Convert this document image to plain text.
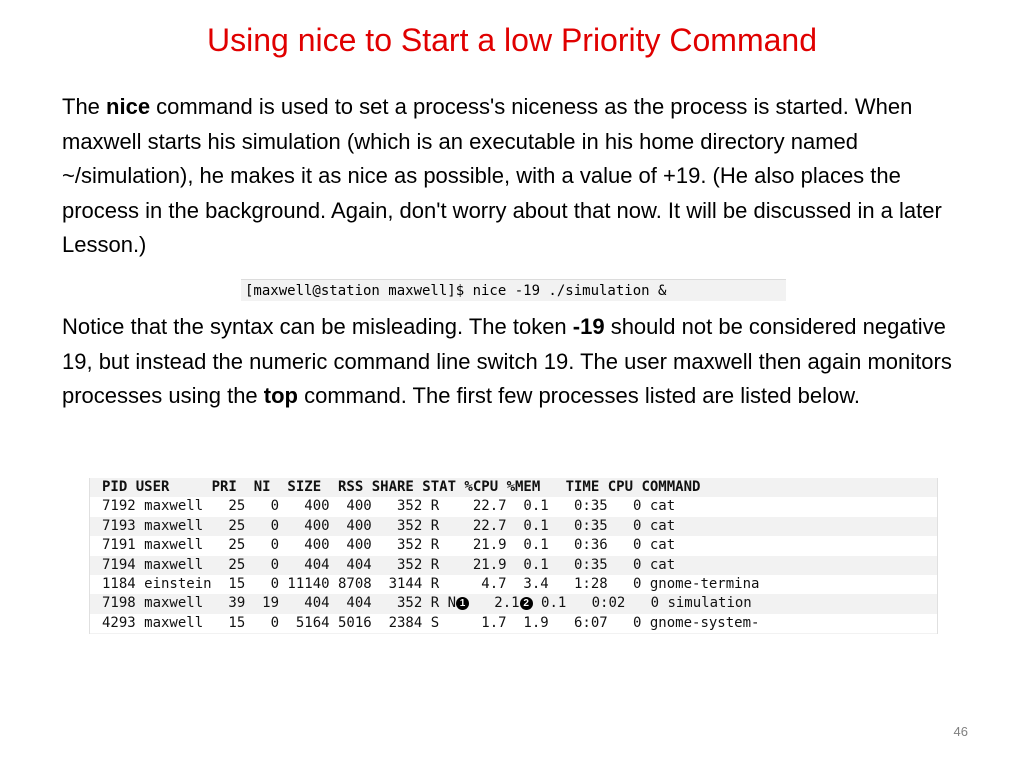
Using nice to Start a low Priority Command

The nice command is used to set a process's niceness as the process is started. When maxwell starts his simulation (which is an executable in his home directory named ~/simulation), he makes it as nice as possible, with a value of +19. (He also places the process in the background. Again, don't worry about that now. It will be discussed in a later Lesson.)

[maxwell@station maxwell]$ nice -19 ./simulation &

Notice that the syntax can be misleading. The token -19 should not be considered negative 19, but instead the numeric command line switch 19. The user maxwell then again monitors processes using the top command. The first few processes listed are listed below.

PID USER     PRI  NI  SIZE  RSS SHARE STAT %CPU %MEM   TIME CPU COMMAND
7192 maxwell   25   0   400  400   352 R    22.7  0.1   0:35   0 cat
7193 maxwell   25   0   400  400   352 R    22.7  0.1   0:35   0 cat
7191 maxwell   25   0   400  400   352 R    21.9  0.1   0:36   0 cat
7194 maxwell   25   0   404  404   352 R    21.9  0.1   0:35   0 cat
1184 einstein  15   0 11140 8708  3144 R     4.7  3.4   1:28   0 gnome-termina
7198 maxwell   39  19   404  404   352 R N 1   2.1 2 0.1   0:02   0 simulation
4293 maxwell   15   0  5164 5016  2384 S     1.7  1.9   6:07   0 gnome-system-
46
